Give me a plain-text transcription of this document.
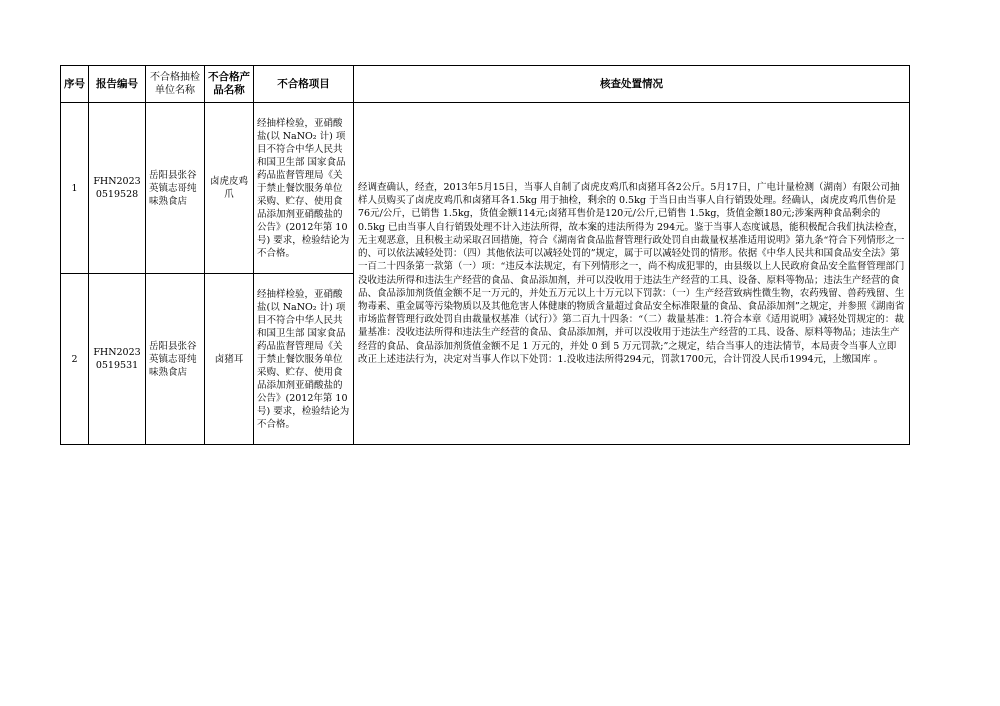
序号	报告编号	不合格抽检单位名称	不合格产品名称	不合格项目	核查处置情况
1	FHN20230519528	岳阳县张谷英镇志哥纯味熟食店	卤虎皮鸡爪	经抽样检验，亚硝酸盐(以 NaNO₂ 计) 项目不符合中华人民共和国卫生部 国家食品药品监督管理局《关于禁止餐饮服务单位采购、贮存、使用食品添加剂亚硝酸盐的公告》(2012年第 10号) 要求，检验结论为不合格。	经调查确认，经查，2013年5月15日，当事人自制了卤虎皮鸡爪和卤猪耳各2公斤。5月17日，广电计量检测（湖南）有限公司抽样人员购买了卤虎皮鸡爪和卤猪耳各1.5kg 用于抽检，剩余的 0.5kg 于当日由当事人自行销毁处理。经确认，卤虎皮鸡爪售价是76元/公斤，已销售 1.5kg，货值金额114元;卤猪耳售价是120元/公斤,已销售 1.5kg，货值金额180元;涉案两种食品剩余的 0.5kg 已由当事人自行销毁处理不计入违法所得，故本案的违法所得为 294元。鉴于当事人态度诚恳，能积极配合我们执法检查，无主观恶意，且积极主动采取召回措施，符合《湖南省食品监督管理行政处罚自由裁量权基准适用说明》第九条“符合下列情形之一的、可以依法减轻处罚：（四）其他依法可以减轻处罚的”规定，属于可以减轻处罚的情形。依据《中华人民共和国食品安全法》第一百二十四条第一款第（一）项：“违反本法规定，有下列情形之一，尚不构成犯罪的，由县级以上人民政府食品安全监督管理部门没收违法所得和违法生产经营的食品、食品添加剂，并可以没收用于违法生产经营的工具、设备、原料等物品；违法生产经营的食品、食品添加剂货值金额不足一万元的，并处五万元以上十万元以下罚款：（一）生产经营致病性微生物，农药残留、兽药残留、生物毒素、重金属等污染物质以及其他危害人体健康的物质含量超过食品安全标准限量的食品、食品添加剂”之规定，并参照《湖南省市场监督管理行政处罚自由裁量权基准（试行）》第二百九十四条：“（二）裁量基准：1.符合本章《适用说明》减轻处罚规定的：裁量基准：没收违法所得和违法生产经营的食品、食品添加剂，并可以没收用于违法生产经营的工具、设备、原料等物品；违法生产经营的食品、食品添加剂货值金额不足 1 万元的，并处 0 到 5 万元罚款;”之规定，结合当事人的违法情节，本局责令当事人立即改正上述违法行为，决定对当事人作以下处罚：1.没收违法所得294元，罚款1700元，合计罚没人民币1994元，上缴国库 。
2	FHN20230519531	岳阳县张谷英镇志哥纯味熟食店	卤猪耳	经抽样检验，亚硝酸盐(以 NaNO₂ 计) 项目不符合中华人民共和国卫生部 国家食品药品监督管理局《关于禁止餐饮服务单位采购、贮存、使用食品添加剂亚硝酸盐的公告》(2012年第 10号) 要求，检验结论为不合格。	
